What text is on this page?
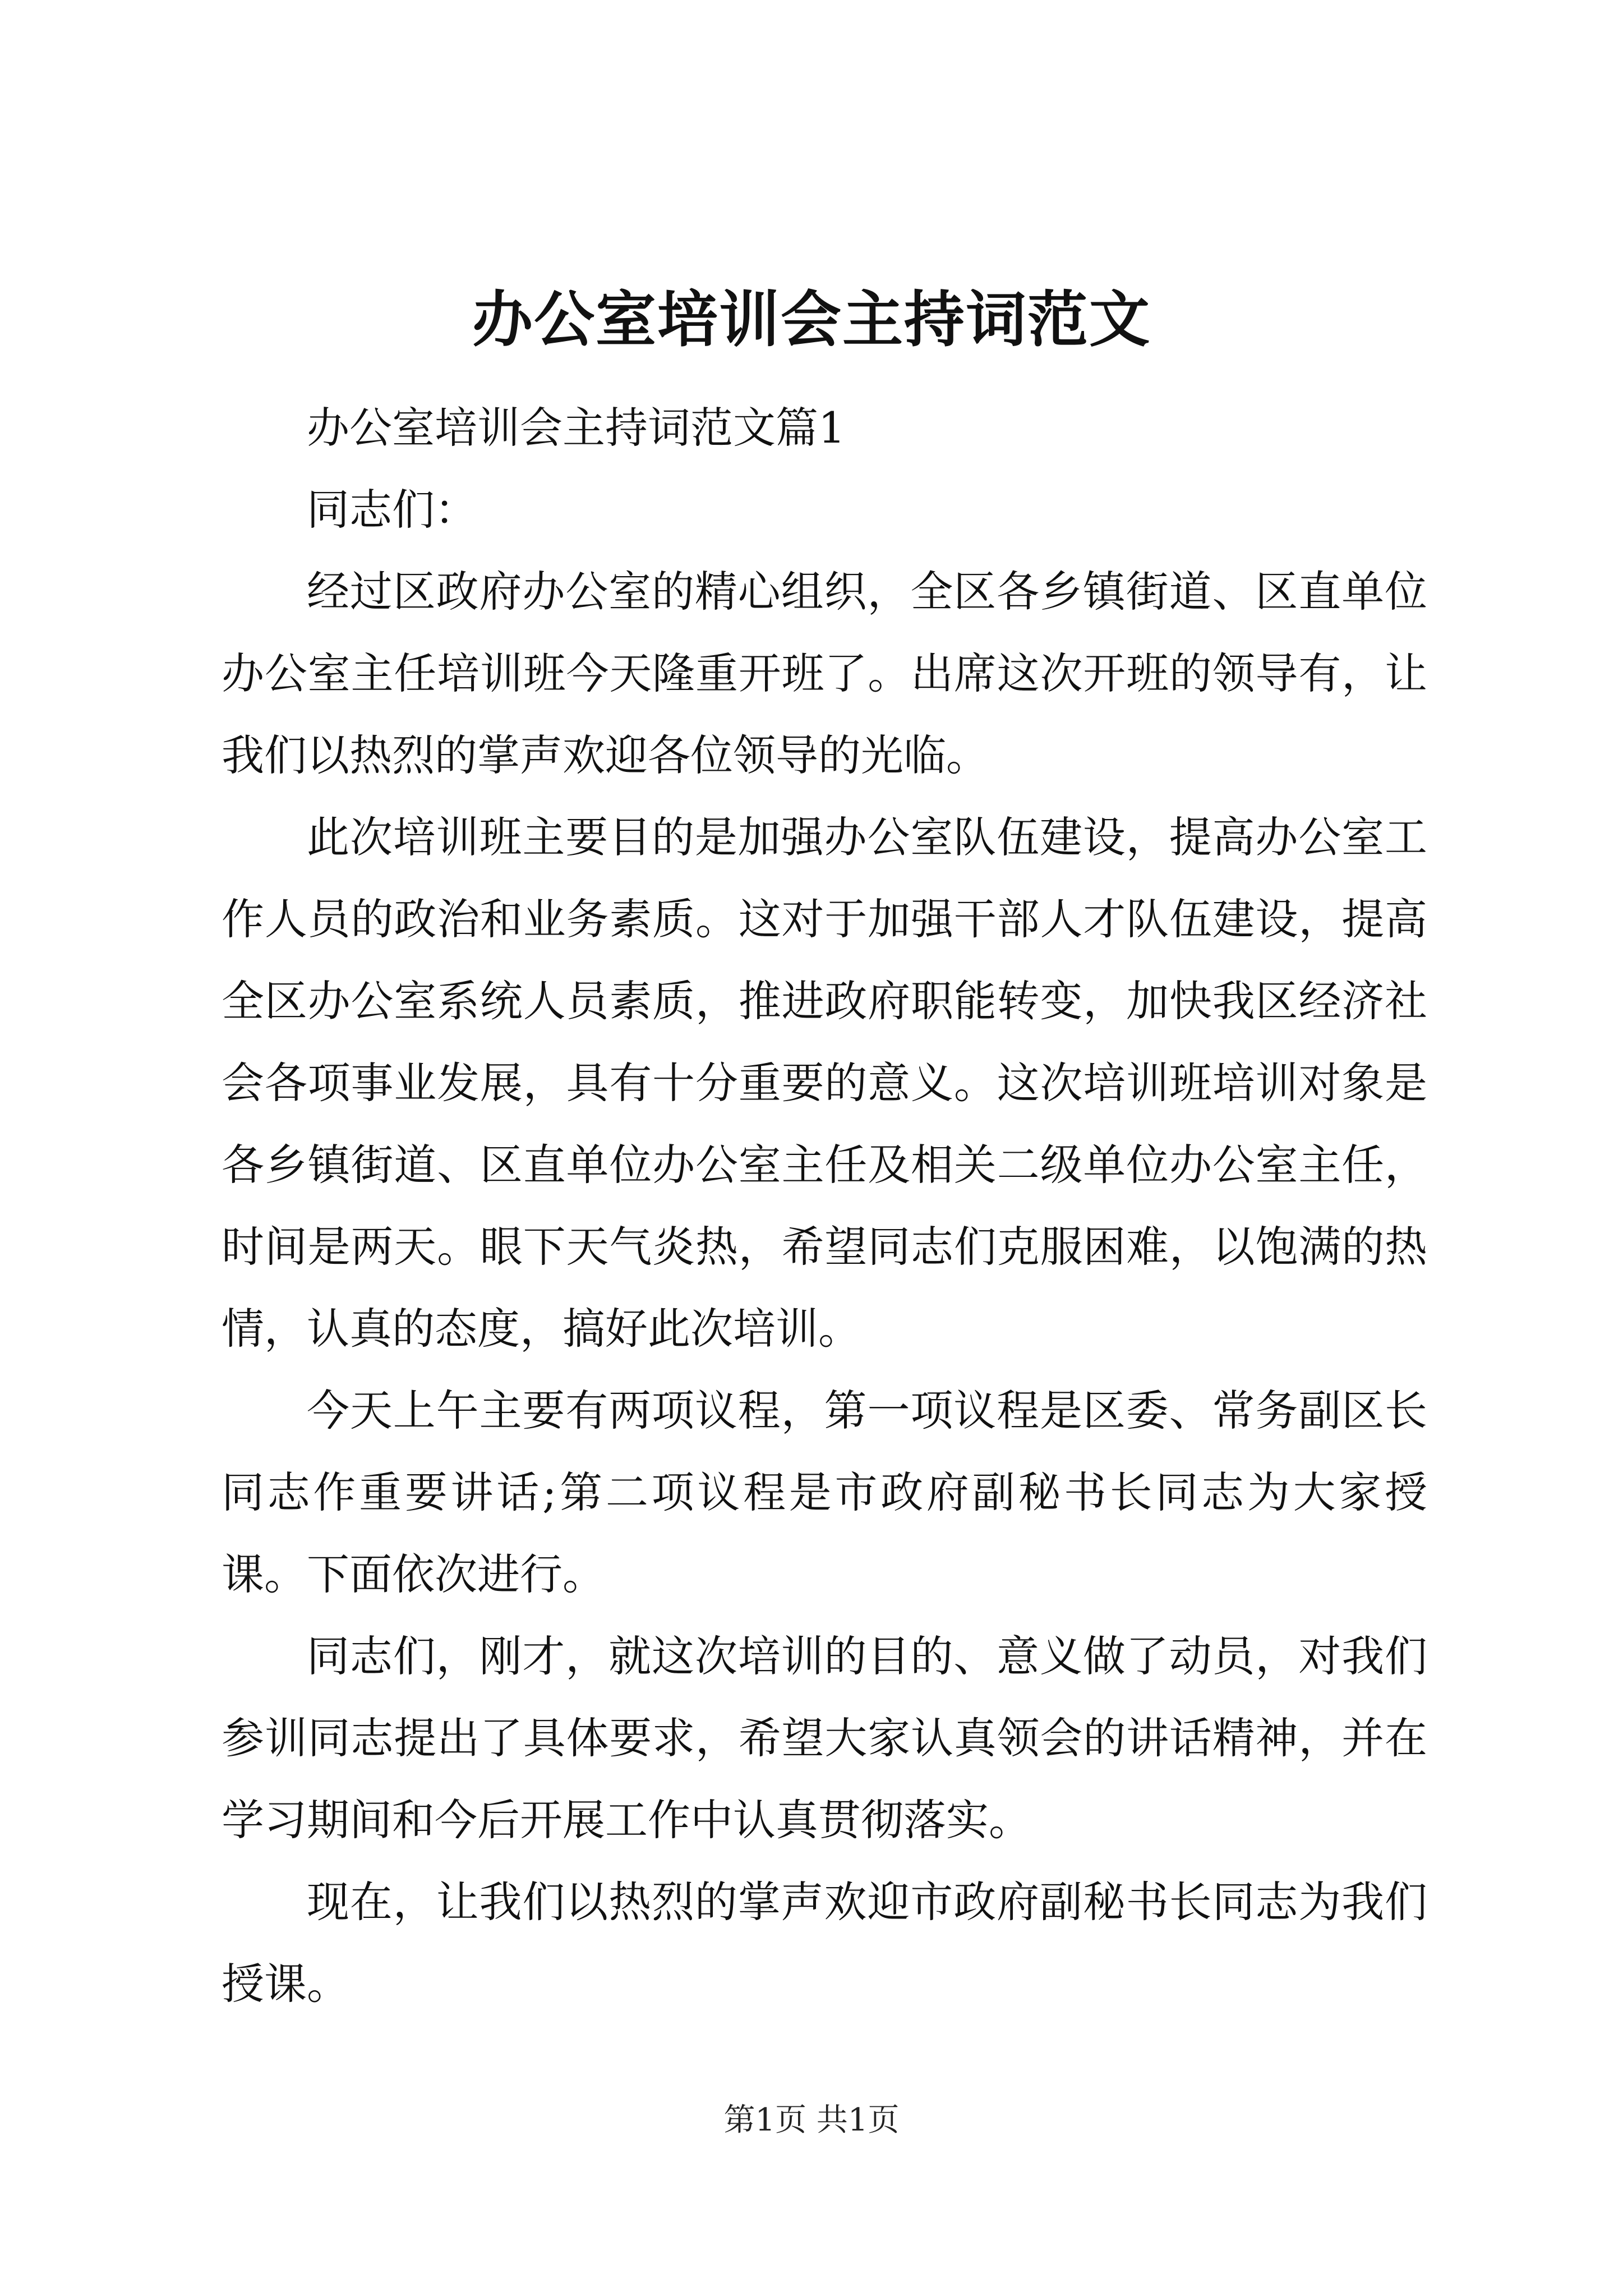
办公室培训会主持词范文

办公室培训会主持词范文篇1

同志们：

经过区政府办公室的精心组织，全区各乡镇街道、区直单位办公室主任培训班今天隆重开班了。出席这次开班的领导有，让我们以热烈的掌声欢迎各位领导的光临。

此次培训班主要目的是加强办公室队伍建设，提高办公室工作人员的政治和业务素质。这对于加强干部人才队伍建设，提高全区办公室系统人员素质，推进政府职能转变，加快我区经济社会各项事业发展，具有十分重要的意义。这次培训班培训对象是各乡镇街道、区直单位办公室主任及相关二级单位办公室主任，时间是两天。眼下天气炎热，希望同志们克服困难，以饱满的热情，认真的态度，搞好此次培训。

今天上午主要有两项议程，第一项议程是区委、常务副区长同志作重要讲话;第二项议程是市政府副秘书长同志为大家授课。下面依次进行。

同志们，刚才，就这次培训的目的、意义做了动员，对我们参训同志提出了具体要求，希望大家认真领会的讲话精神，并在学习期间和今后开展工作中认真贯彻落实。

现在，让我们以热烈的掌声欢迎市政府副秘书长同志为我们授课。

第1页 共1页
